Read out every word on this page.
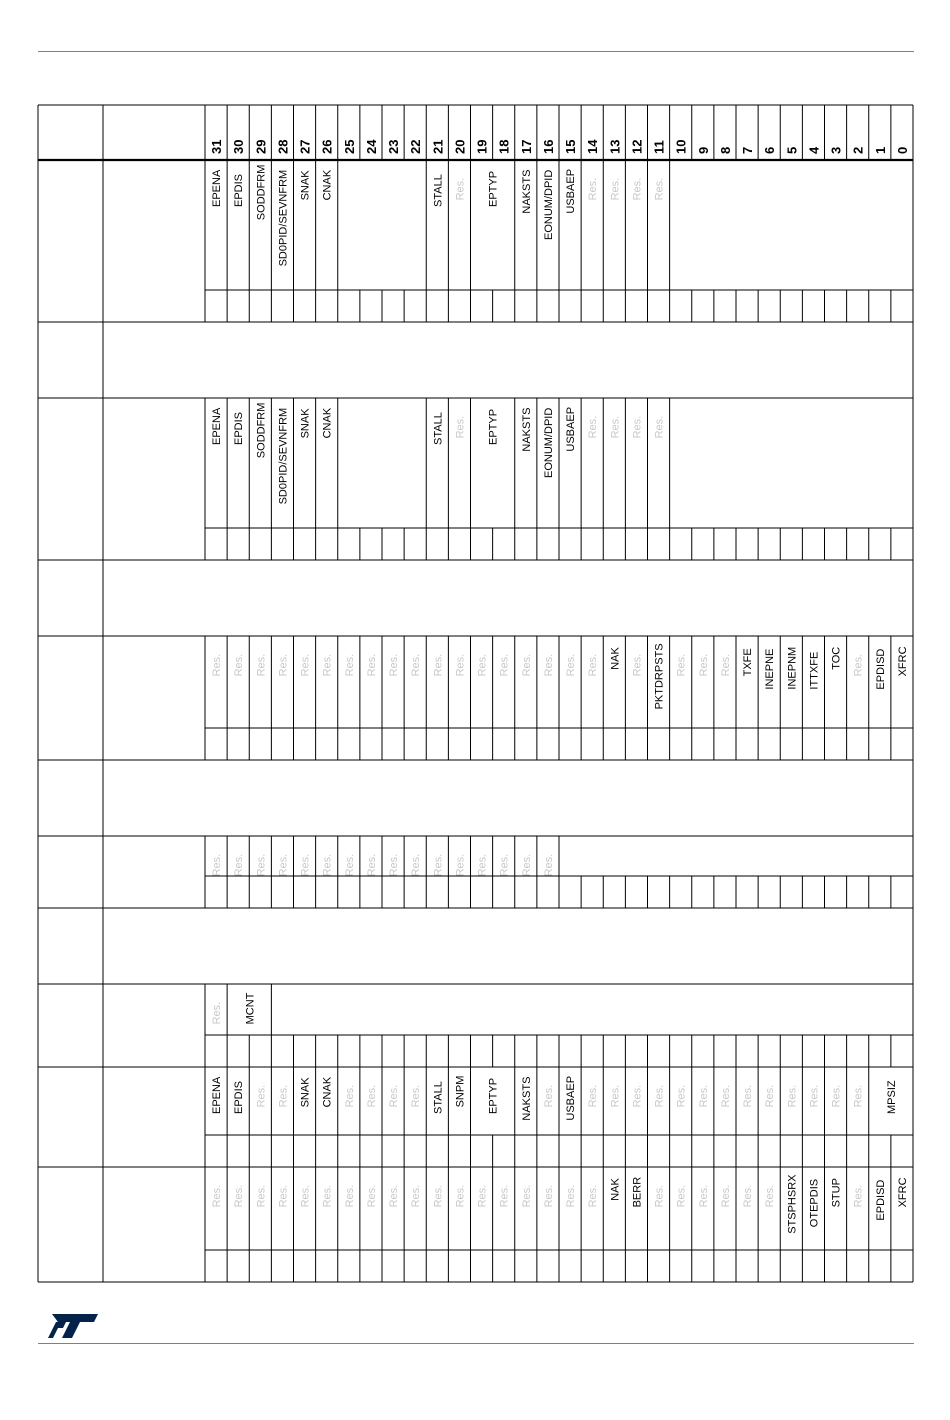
31 30 29 28 27 26 25 24 23 22 21 20 19 18 17 16 15 14 13 12 11 10 9 8 7 6 5 4 3 2 1 0
EPENA EPDIS SODDFRM SD0PID/SEVNFRM SNAK CNAK	STALL Res. EPTYP NAKSTS EONUM/DPID USBAEP Res. Res. Res. Res.
EPENA EPDIS SODDFRM SD0PID/SEVNFRM SNAK CNAK	STALL Res. EPTYP NAKSTS EONUM/DPID USBAEP Res. Res. Res. Res.
Res. Res. Res. Res. Res. Res. Res. Res. Res. Res. Res. Res. Res. Res. Res. Res. Res. Res. NAK Res. PKTDRPSTS Res. Res. Res. TXFE INEPNE INEPNM ITTXFE TOC Res. EPDISD XFRC
Res. Res. Res. Res. Res. Res. Res. Res. Res. Res. Res. Res. Res. Res. Res. Res.
Res. MCNT
EPENA EPDIS Res. Res. SNAK CNAK Res. Res. Res. Res. STALL SNPM EPTYP NAKSTS Res. USBAEP Res. Res. Res. Res. Res. Res. Res. Res. Res. Res. Res. Res. Res. MPSIZ
Res. Res. Res. Res. Res. Res. Res. Res. Res. Res. Res. Res. Res. Res. Res. Res. Res. Res. NAK BERR Res. Res. Res. Res. Res. Res. STSPHSRX OTEPDIS STUP Res. EPDISD XFRC
